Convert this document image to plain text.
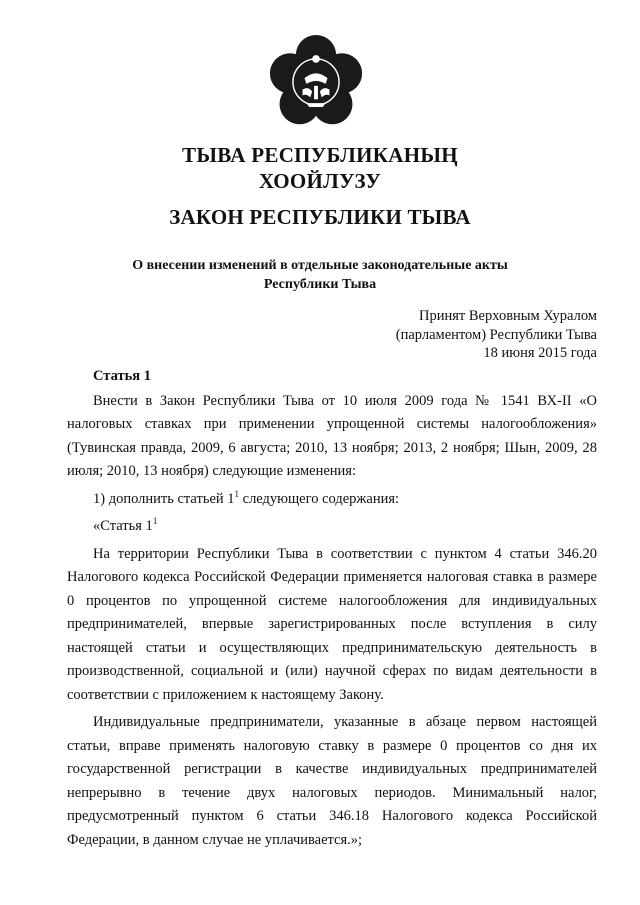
ТЫВА РЕСПУБЛИКАНЫҢ
ХООЙЛУЗУ
ЗАКОН РЕСПУБЛИКИ ТЫВА
О внесении изменений в отдельные законодательные акты
Республики Тыва
Принят Верховным Хуралом
(парламентом) Республики Тыва
18 июня 2015 года

Статья 1

Внести в Закон Республики Тыва от 10 июля 2009 года № 1541 ВХ-II «О налоговых ставках при применении упрощенной системы налогообложения» (Тувинская правда, 2009, 6 августа; 2010, 13 ноября; 2013, 2 ноября; Шын, 2009, 28 июля; 2010, 13 ноября) следующие изменения:

1) дополнить статьей $1^1$ следующего содержания:

«Статья $1^1$

На территории Республики Тыва в соответствии с пунктом 4 статьи 346.20 Налогового кодекса Российской Федерации применяется налоговая ставка в размере 0 процентов по упрощенной системе налогообложения для индивидуальных предпринимателей, впервые зарегистрированных после вступления в силу настоящей статьи и осуществляющих предпринимательскую деятельность в производственной, социальной и (или) научной сферах по видам деятельности в соответствии с приложением к настоящему Закону.

Индивидуальные предприниматели, указанные в абзаце первом настоящей статьи, вправе применять налоговую ставку в размере 0 процентов со дня их государственной регистрации в качестве индивидуальных предпринимателей непрерывно в течение двух налоговых периодов. Минимальный налог, предусмотренный пунктом 6 статьи 346.18 Налогового кодекса Российской Федерации, в данном случае не уплачивается.»;
